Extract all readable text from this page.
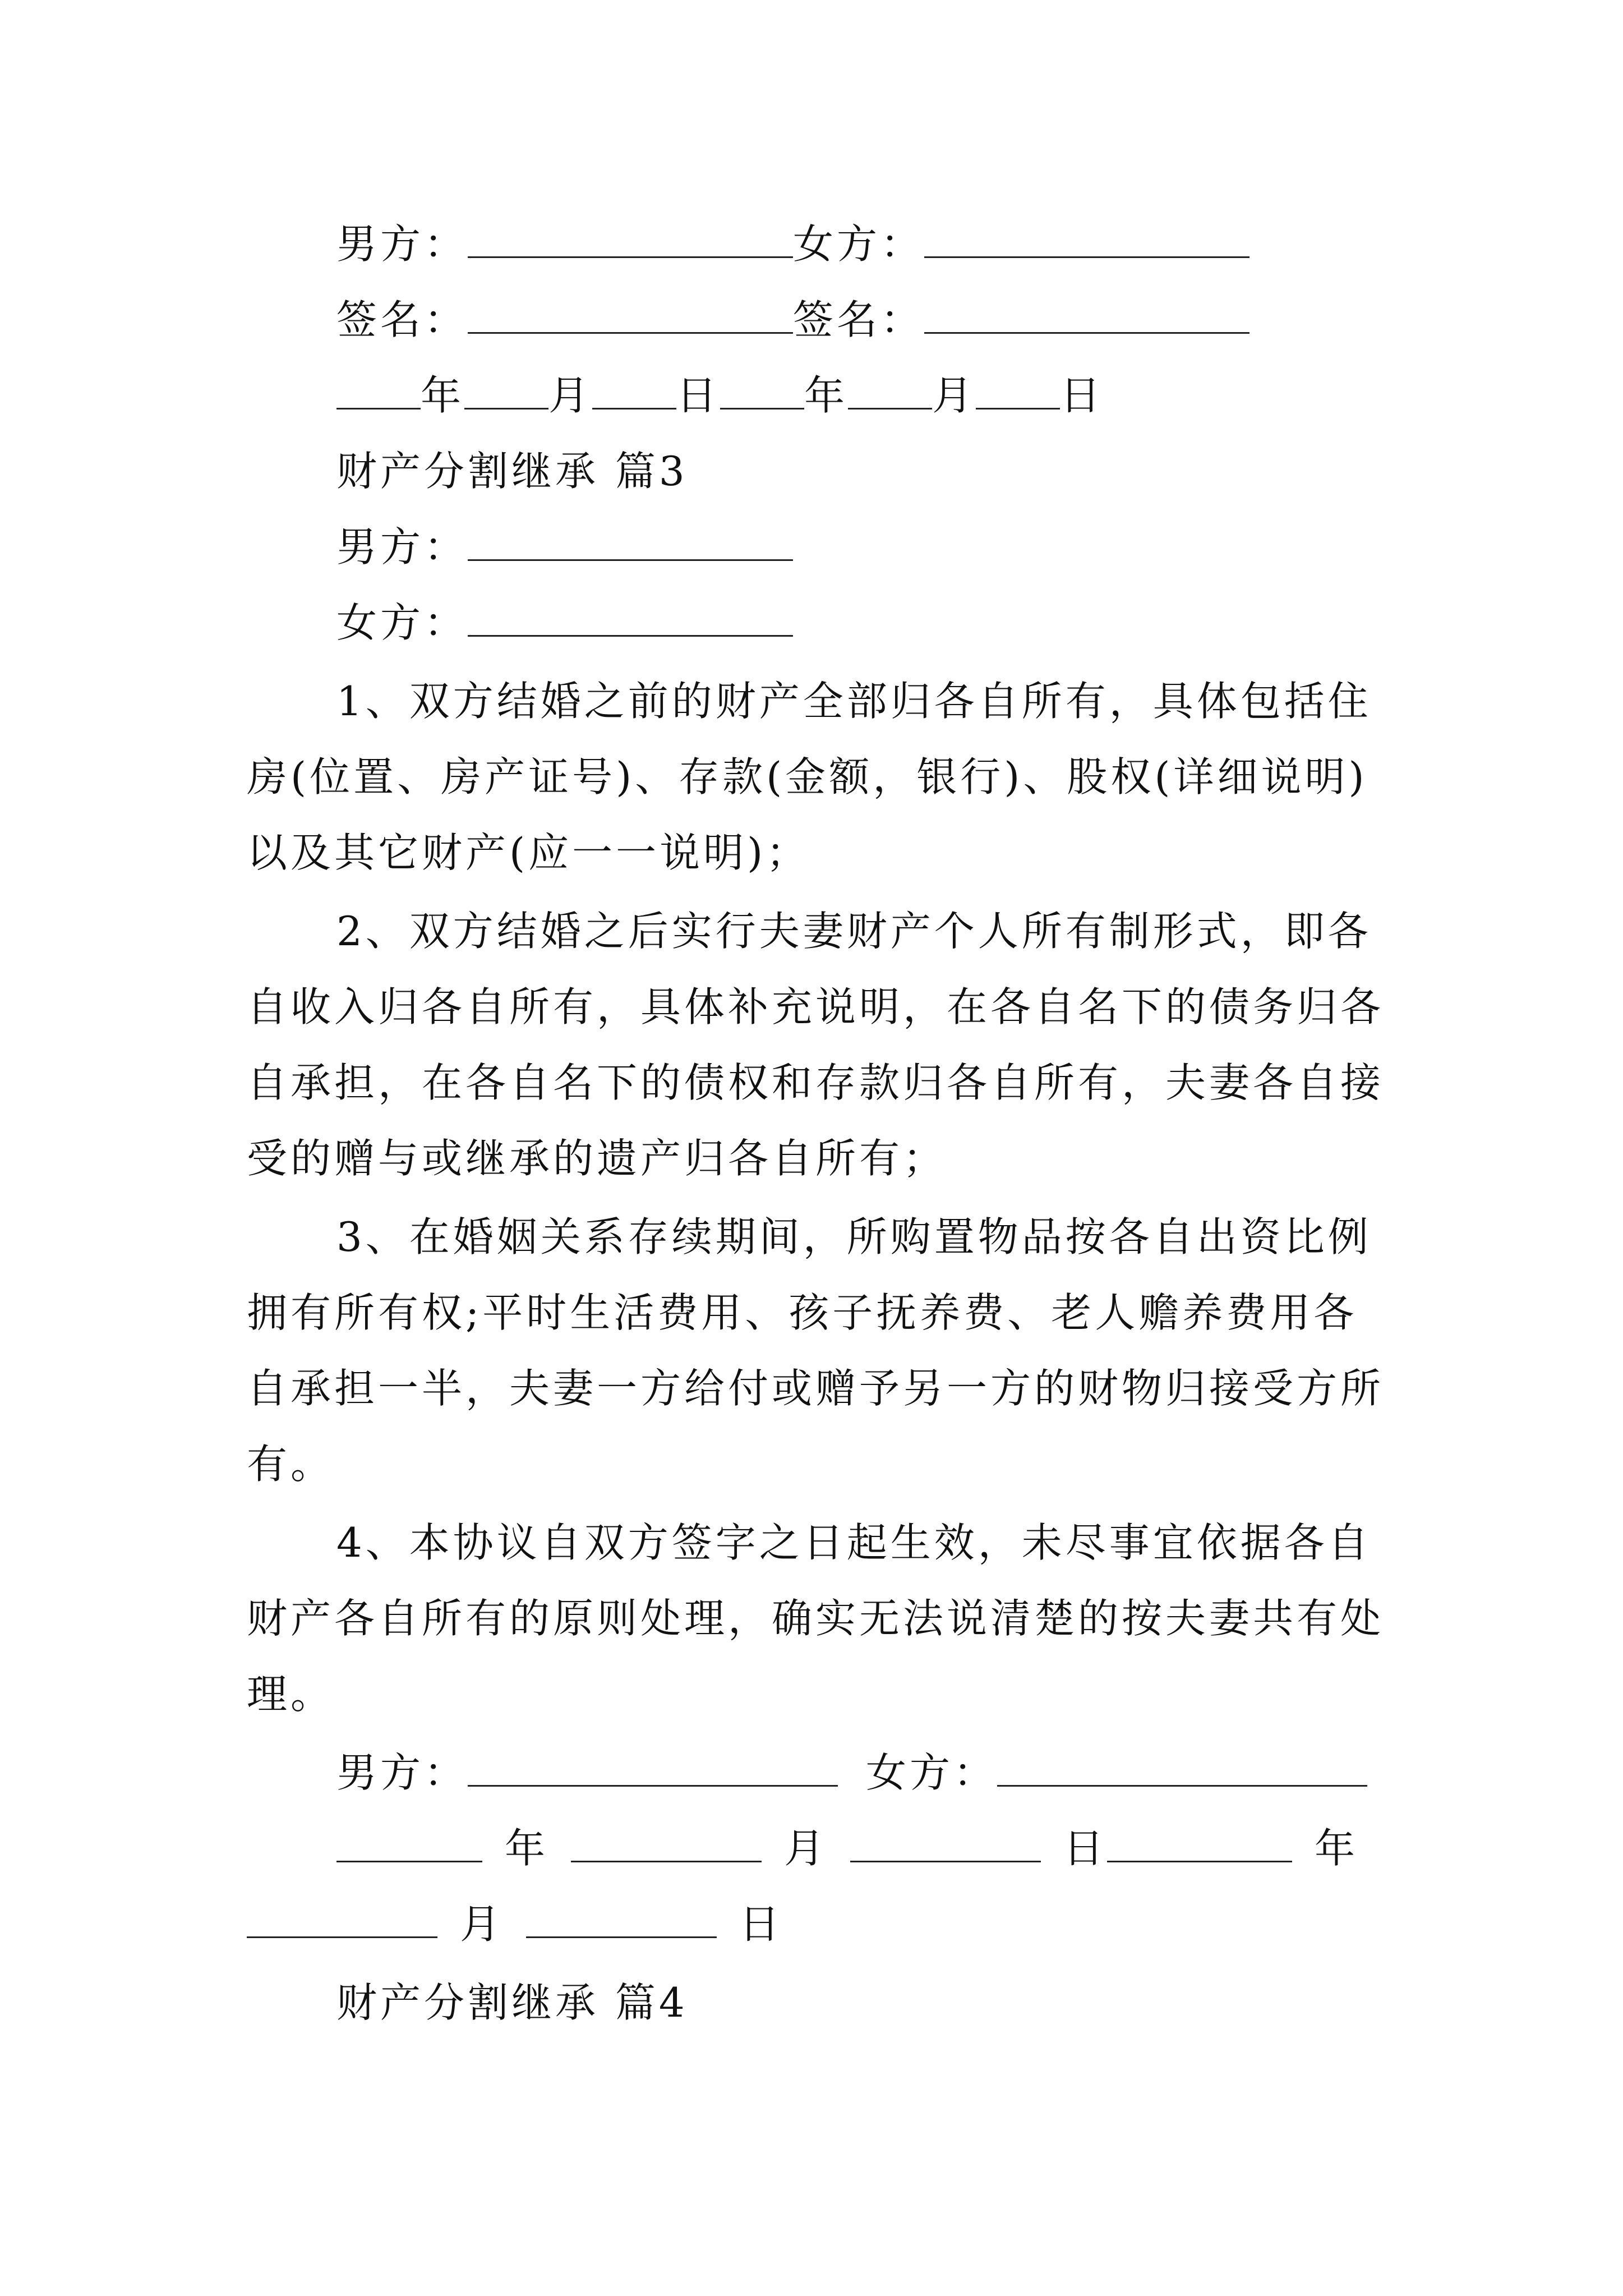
男方：	女方：
签名：	签名：
年 月 日 年 月 日
财产分割继承 篇3
男方：
女方：
1、双方结婚之前的财产全部归各自所有，具体包括住
房(位置、房产证号)、存款(金额，银行)、股权(详细说明)
以及其它财产(应一一说明)；
2、双方结婚之后实行夫妻财产个人所有制形式，即各
自收入归各自所有，具体补充说明，在各自名下的债务归各
自承担，在各自名下的债权和存款归各自所有，夫妻各自接
受的赠与或继承的遗产归各自所有；
3、在婚姻关系存续期间，所购置物品按各自出资比例
拥有所有权;平时生活费用、孩子抚养费、老人赡养费用各
自承担一半，夫妻一方给付或赠予另一方的财物归接受方所
有。
4、本协议自双方签字之日起生效，未尽事宜依据各自
财产各自所有的原则处理，确实无法说清楚的按夫妻共有处
理。
男方：	女方：
年	月	日	年
月	日
财产分割继承 篇4
